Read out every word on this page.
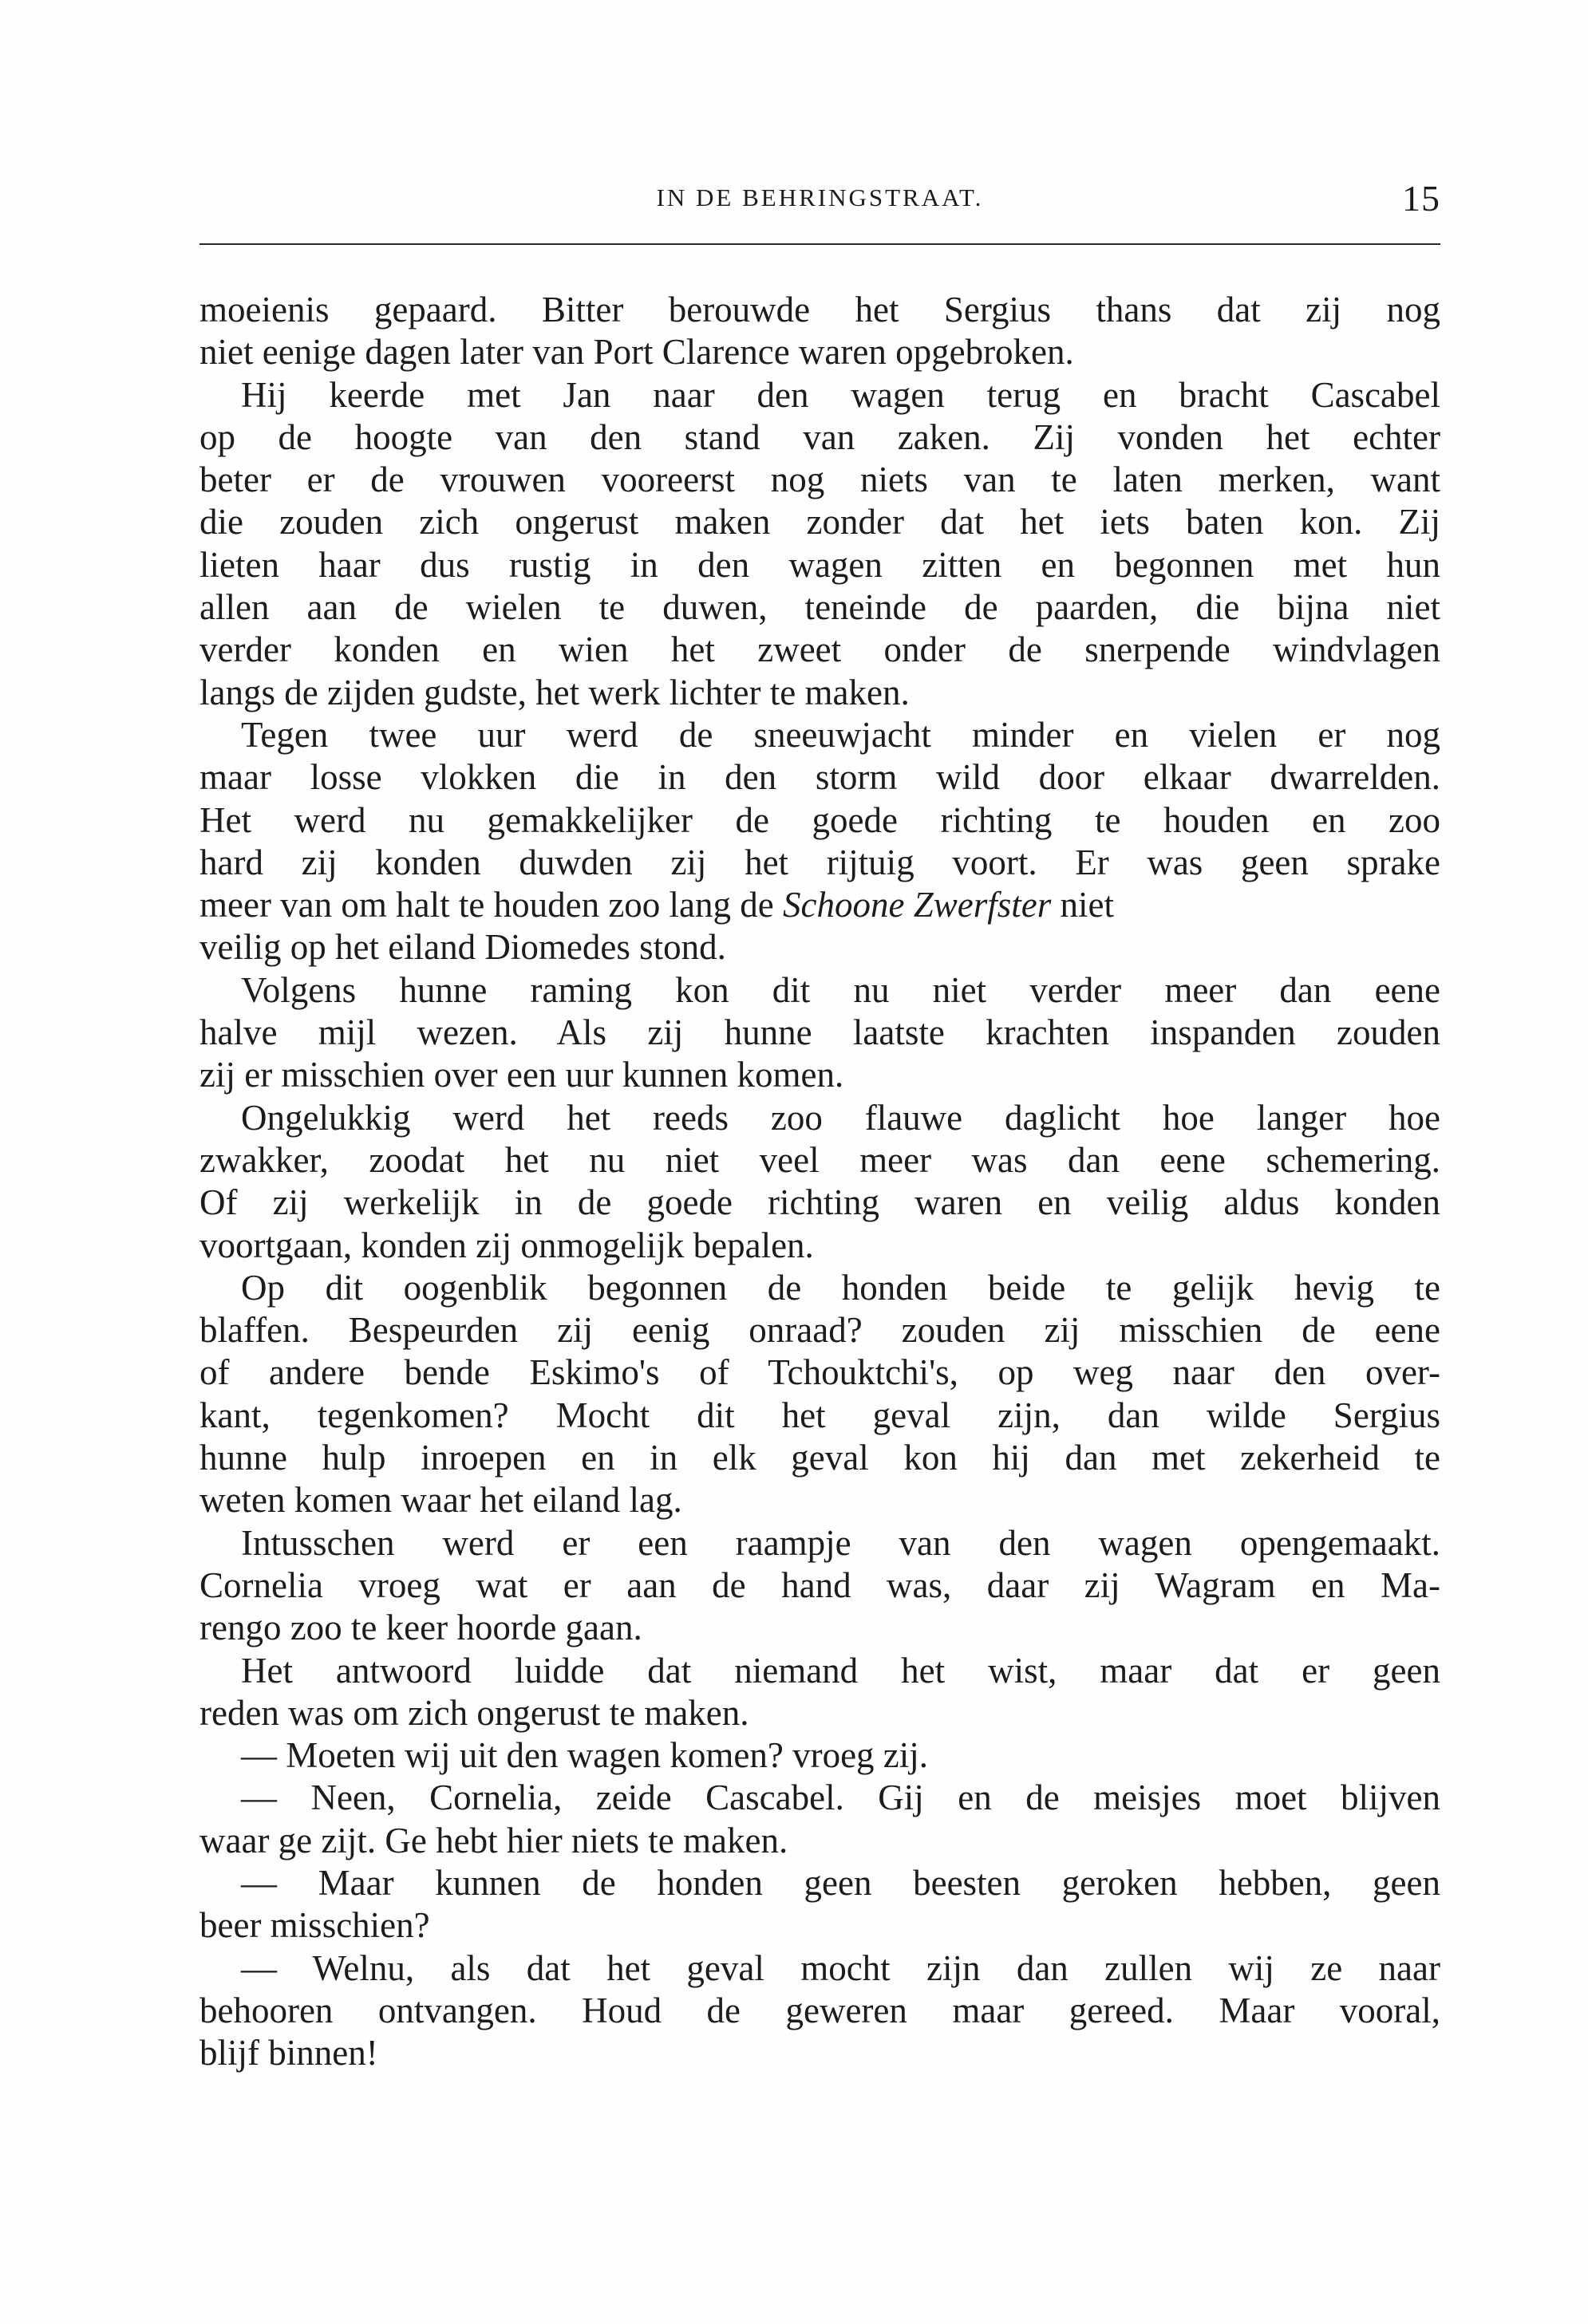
IN DE BEHRINGSTRAAT.	15
moeienis gepaard. Bitter berouwde het Sergius thans dat zij nog
niet eenige dagen later van Port Clarence waren opgebroken.
Hij keerde met Jan naar den wagen terug en bracht Cascabel
op de hoogte van den stand van zaken. Zij vonden het echter
beter er de vrouwen vooreerst nog niets van te laten merken, want
die zouden zich ongerust maken zonder dat het iets baten kon. Zij
lieten haar dus rustig in den wagen zitten en begonnen met hun
allen aan de wielen te duwen, teneinde de paarden, die bijna niet
verder konden en wien het zweet onder de snerpende windvlagen
langs de zijden gudste, het werk lichter te maken.
Tegen twee uur werd de sneeuwjacht minder en vielen er nog
maar losse vlokken die in den storm wild door elkaar dwarrelden.
Het werd nu gemakkelijker de goede richting te houden en zoo
hard zij konden duwden zij het rijtuig voort. Er was geen sprake
meer van om halt te houden zoo lang de Schoone Zwerfster niet
veilig op het eiland Diomedes stond.
Volgens hunne raming kon dit nu niet verder meer dan eene
halve mijl wezen. Als zij hunne laatste krachten inspanden zouden
zij er misschien over een uur kunnen komen.
Ongelukkig werd het reeds zoo flauwe daglicht hoe langer hoe
zwakker, zoodat het nu niet veel meer was dan eene schemering.
Of zij werkelijk in de goede richting waren en veilig aldus konden
voortgaan, konden zij onmogelijk bepalen.
Op dit oogenblik begonnen de honden beide te gelijk hevig te
blaffen. Bespeurden zij eenig onraad? zouden zij misschien de eene
of andere bende Eskimo's of Tchouktchi's, op weg naar den over-
kant, tegenkomen? Mocht dit het geval zijn, dan wilde Sergius
hunne hulp inroepen en in elk geval kon hij dan met zekerheid te
weten komen waar het eiland lag.
Intusschen werd er een raampje van den wagen opengemaakt.
Cornelia vroeg wat er aan de hand was, daar zij Wagram en Ma-
rengo zoo te keer hoorde gaan.
Het antwoord luidde dat niemand het wist, maar dat er geen
reden was om zich ongerust te maken.
— Moeten wij uit den wagen komen? vroeg zij.
— Neen, Cornelia, zeide Cascabel. Gij en de meisjes moet blijven
waar ge zijt. Ge hebt hier niets te maken.
— Maar kunnen de honden geen beesten geroken hebben, geen
beer misschien?
— Welnu, als dat het geval mocht zijn dan zullen wij ze naar
behooren ontvangen. Houd de geweren maar gereed. Maar vooral,
blijf binnen!
